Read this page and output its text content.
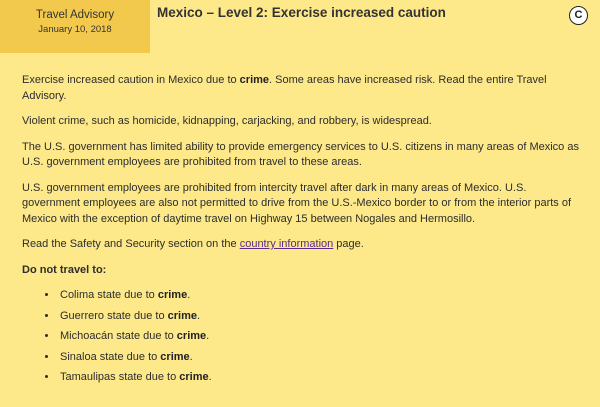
Travel Advisory
January 10, 2018
Mexico – Level 2: Exercise increased caution	C

Exercise increased caution in Mexico due to crime. Some areas have increased risk. Read the entire Travel Advisory.

Violent crime, such as homicide, kidnapping, carjacking, and robbery, is widespread.

The U.S. government has limited ability to provide emergency services to U.S. citizens in many areas of Mexico as U.S. government employees are prohibited from travel to these areas.

U.S. government employees are prohibited from intercity travel after dark in many areas of Mexico. U.S. government employees are also not permitted to drive from the U.S.-Mexico border to or from the interior parts of Mexico with the exception of daytime travel on Highway 15 between Nogales and Hermosillo.

Read the Safety and Security section on the country information page.

Do not travel to:

• Colima state due to crime.
• Guerrero state due to crime.
• Michoacán state due to crime.
• Sinaloa state due to crime.
• Tamaulipas state due to crime.
